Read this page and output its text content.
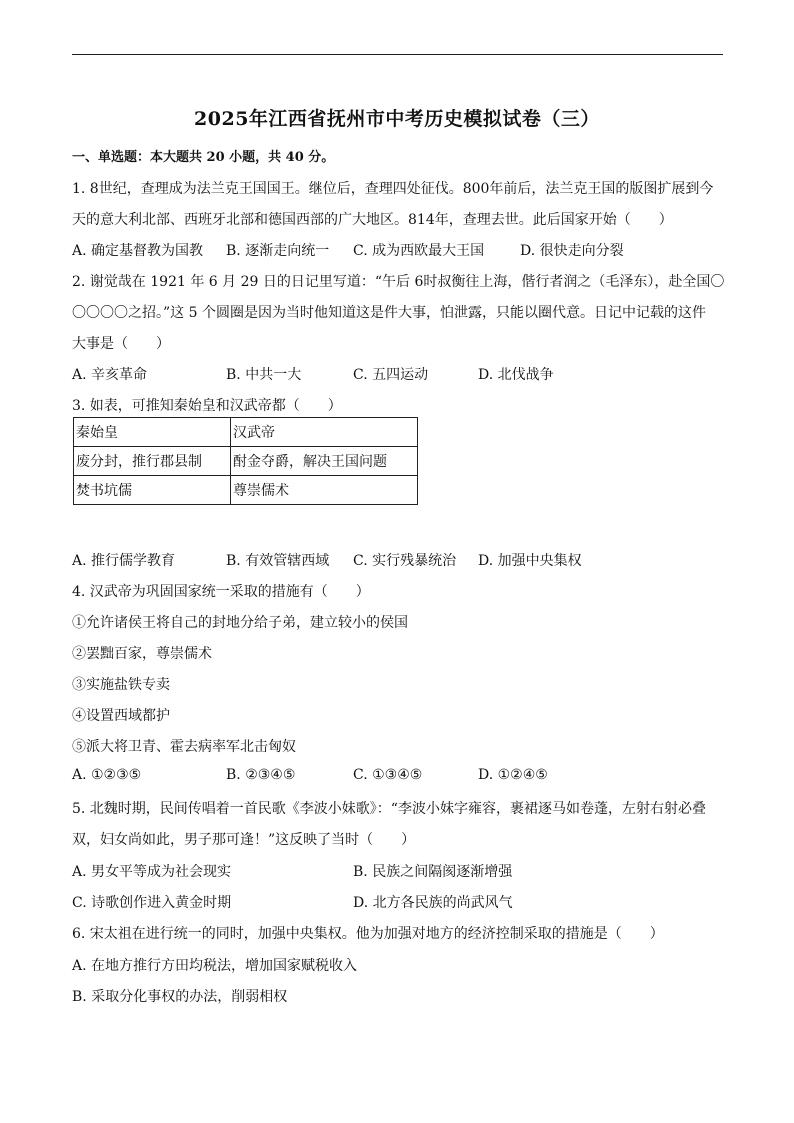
2025年江西省抚州市中考历史模拟试卷（三）
一、单选题：本大题共 20 小题，共 40 分。
1. 8世纪，查理成为法兰克王国国王。继位后，查理四处征伐。800年前后，法兰克王国的版图扩展到今
天的意大利北部、西班牙北部和德国西部的广大地区。814年，查理去世。此后国家开始（　　）
A. 确定基督教为国教 B. 逐渐走向统一 C. 成为西欧最大王国	D. 很快走向分裂
2. 谢觉哉在 1921 年 6 月 29 日的日记里写道：“午后 6时叔衡往上海，偕行者润之（毛泽东），赴全国〇
〇〇〇〇之招。”这 5 个圆圈是因为当时他知道这是件大事，怕泄露，只能以圈代意。日记中记载的这件
大事是（　　）
A. 辛亥革命	B. 中共一大	C. 五四运动	D. 北伐战争
3. 如表，可推知秦始皇和汉武帝都（　　）
秦始皇	汉武帝
废分封，推行郡县制	酎金夺爵，解决王国问题
焚书坑儒	尊崇儒术
A. 推行儒学教育	B. 有效管辖西域 C. 实行残暴统治 D. 加强中央集权
4. 汉武帝为巩固国家统一采取的措施有（　　）
①允许诸侯王将自己的封地分给子弟，建立较小的侯国
②罢黜百家，尊崇儒术
③实施盐铁专卖
④设置西域都护
⑤派大将卫青、霍去病率军北击匈奴
A. ①②③⑤	B. ②③④⑤	C. ①③④⑤	D. ①②④⑤
5. 北魏时期，民间传唱着一首民歌《李波小妹歌》：“李波小妹字雍容，裹裙逐马如卷蓬，左射右射必叠
双，妇女尚如此，男子那可逢！”这反映了当时（　　）
A. 男女平等成为社会现实	B. 民族之间隔阂逐渐增强
C. 诗歌创作进入黄金时期	D. 北方各民族的尚武风气
6. 宋太祖在进行统一的同时，加强中央集权。他为加强对地方的经济控制采取的措施是（　　）
A. 在地方推行方田均税法，增加国家赋税收入
B. 采取分化事权的办法，削弱相权
